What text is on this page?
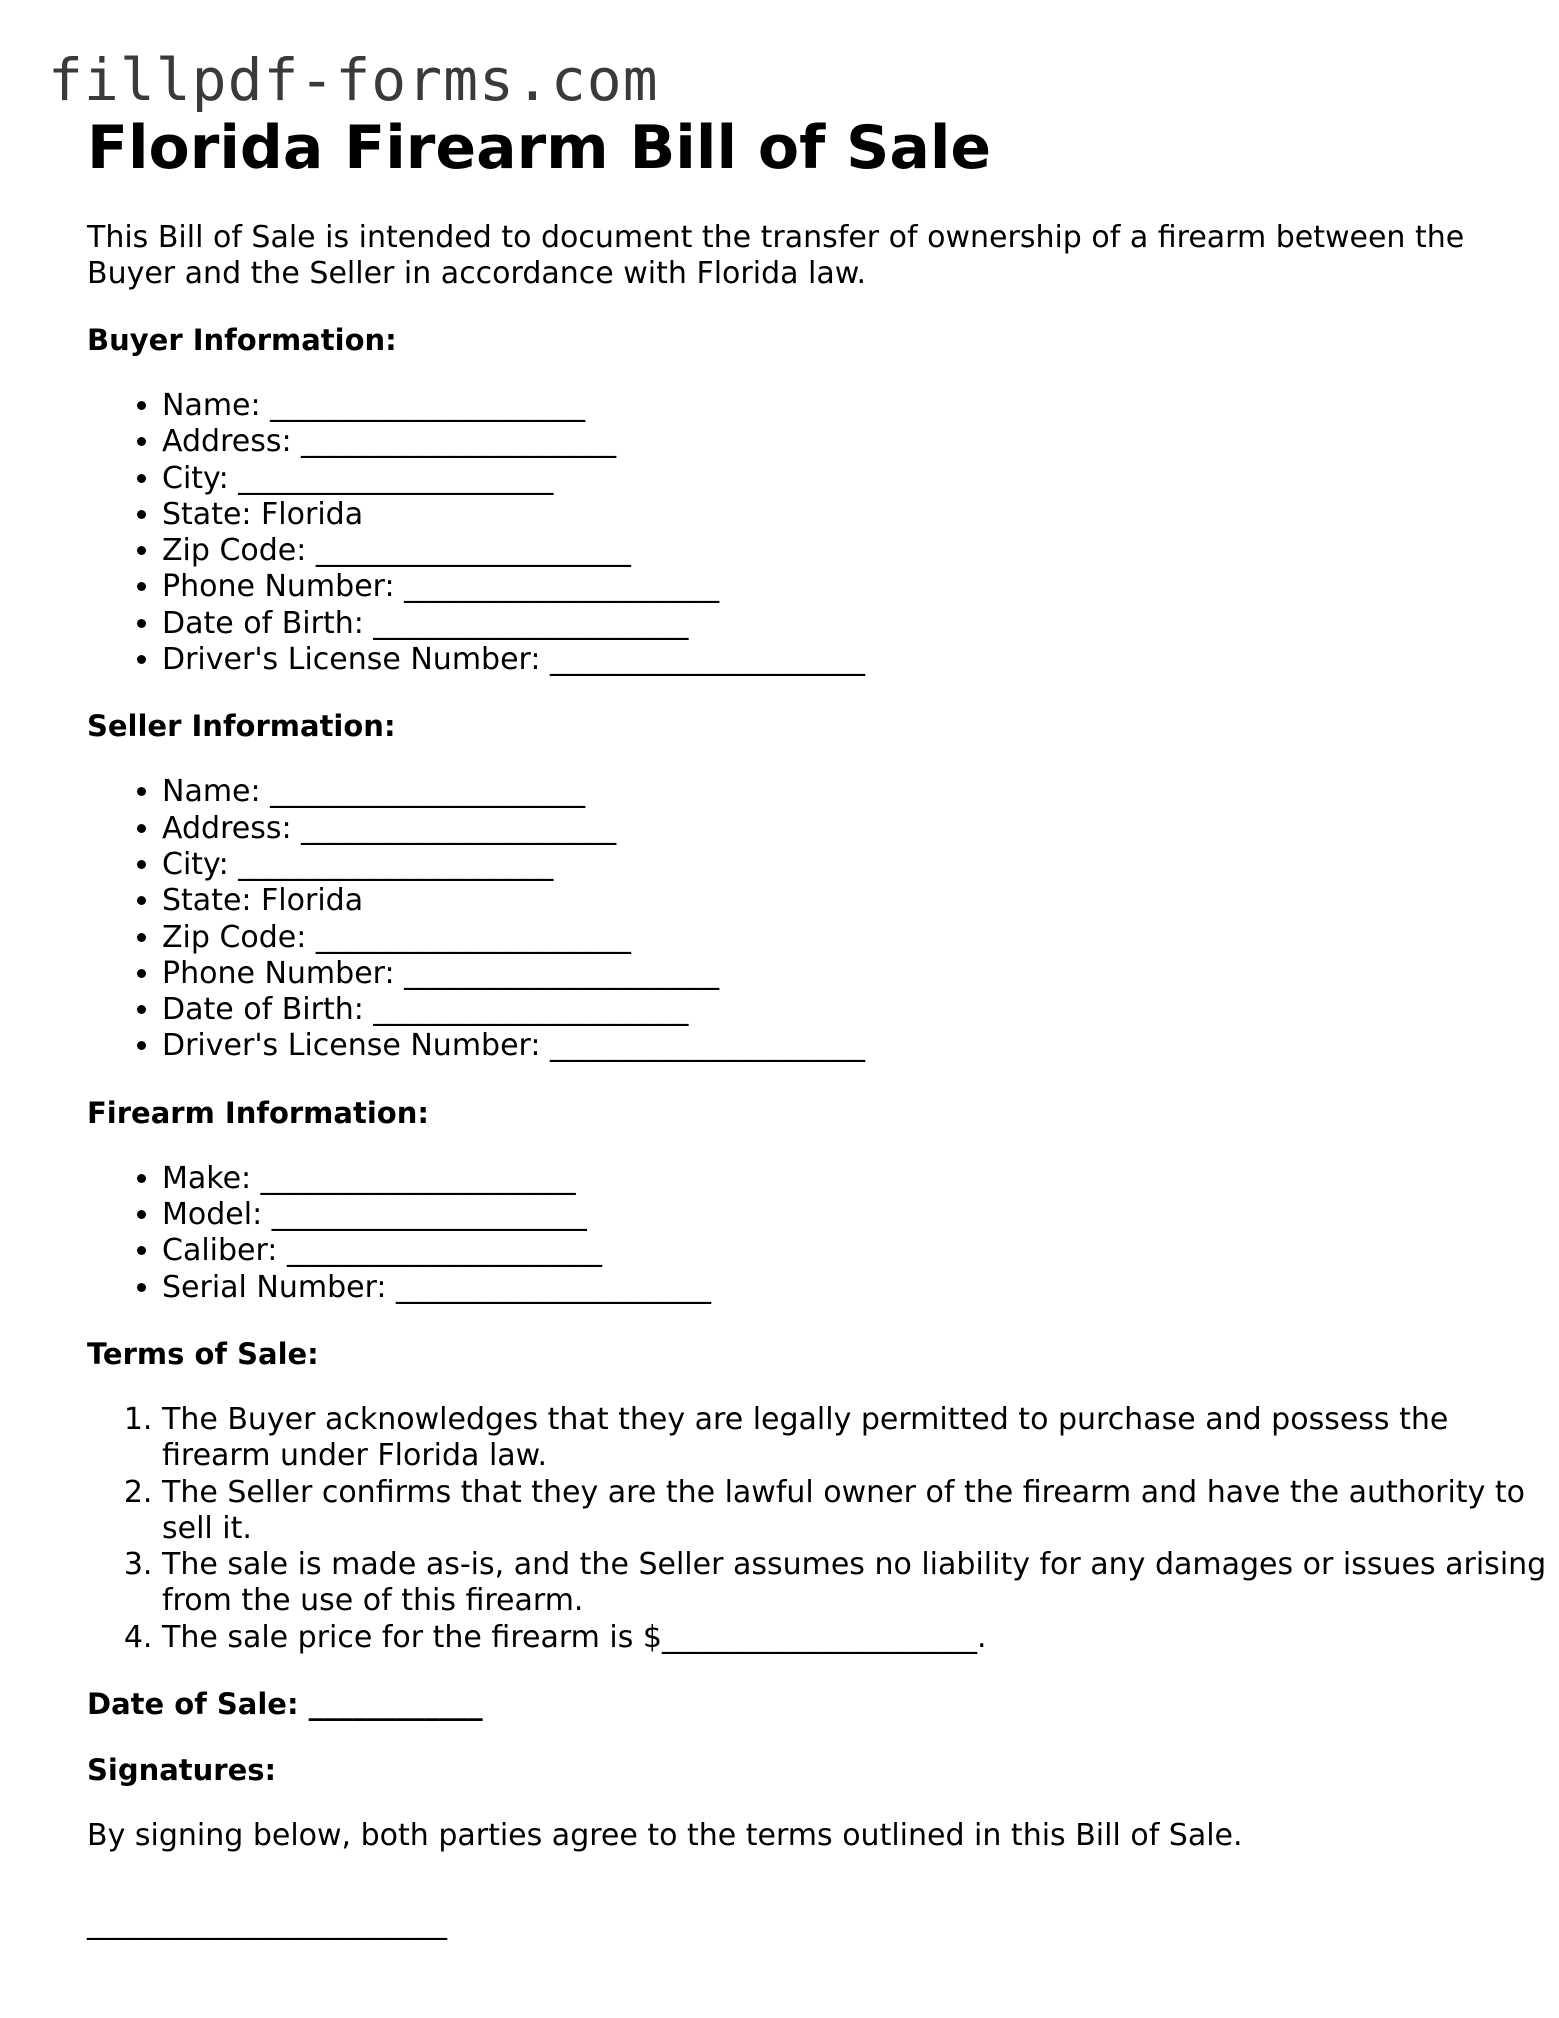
fillpdf-forms.com
Florida Firearm Bill of Sale

This Bill of Sale is intended to document the transfer of ownership of a firearm between the Buyer and the Seller in accordance with Florida law.

Buyer Information:
• Name: _____________________
• Address: _____________________
• City: _____________________
• State: Florida
• Zip Code: _____________________
• Phone Number: _____________________
• Date of Birth: _____________________
• Driver's License Number: _____________________
Seller Information:
• Name: _____________________
• Address: _____________________
• City: _____________________
• State: Florida
• Zip Code: _____________________
• Phone Number: _____________________
• Date of Birth: _____________________
• Driver's License Number: _____________________
Firearm Information:
• Make: _____________________
• Model: _____________________
• Caliber: _____________________
• Serial Number: _____________________
Terms of Sale:
1. The Buyer acknowledges that they are legally permitted to purchase and possess the firearm under Florida law.
2. The Seller confirms that they are the lawful owner of the firearm and have the authority to sell it.
3. The sale is made as-is, and the Seller assumes no liability for any damages or issues arising from the use of this firearm.
4. The sale price for the firearm is $_____________________.
Date of Sale: ____________
Signatures:

By signing below, both parties agree to the terms outlined in this Bill of Sale.

________________________
